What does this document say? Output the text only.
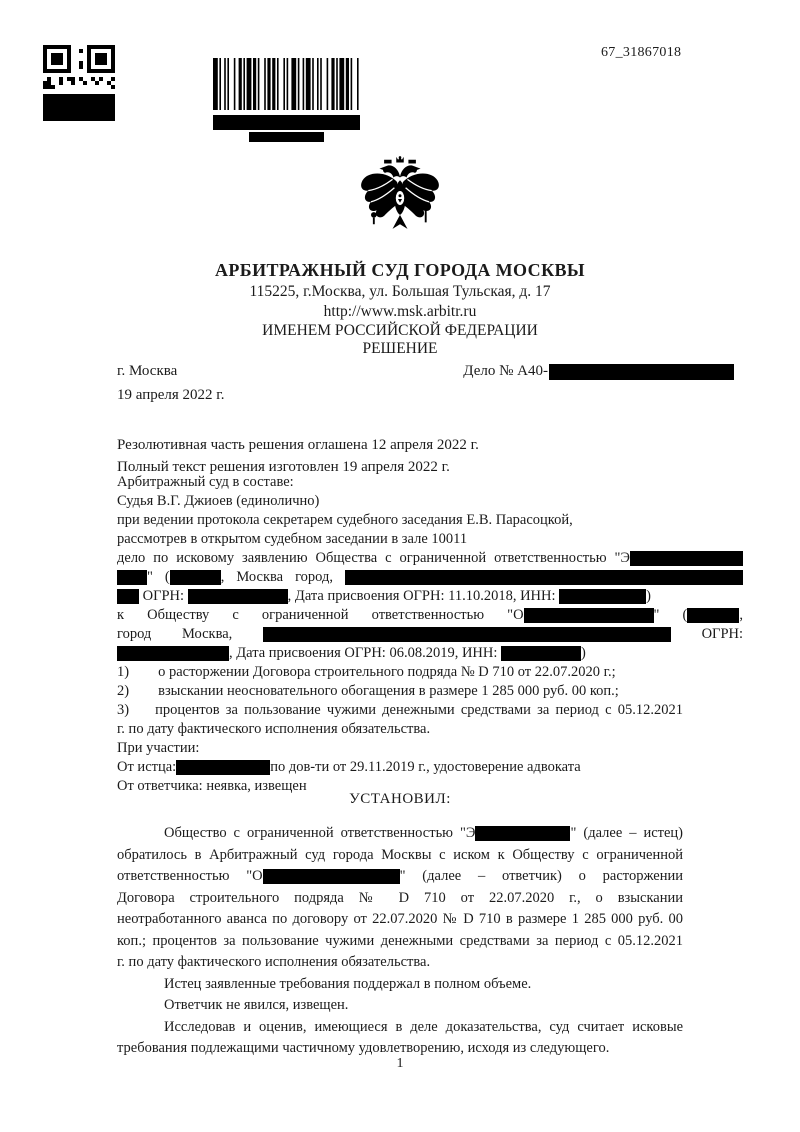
67_31867018
АРБИТРАЖНЫЙ СУД ГОРОДА МОСКВЫ
115225, г.Москва, ул. Большая Тульская, д. 17
http://www.msk.arbitr.ru
ИМЕНЕМ РОССИЙСКОЙ ФЕДЕРАЦИИ
РЕШЕНИЕ
г. Москва	Дело № А40-
19 апреля 2022 г.
Резолютивная часть решения оглашена 12 апреля 2022 г.
Полный текст решения изготовлен 19 апреля 2022 г.
Арбитражный суд в составе:
Судья В.Г. Джиоев (единолично)
при ведении протокола секретарем судебного заседания Е.В. Парасоцкой,
рассмотрев в открытом судебном заседании в зале 10011
дело по исковому заявлению Общества с ограниченной ответственностью "Э
" (	, Москва город,
ОГРН:	, Дата присвоения ОГРН: 11.10.2018, ИНН:	)
к Обществу с ограниченной ответственностью "О	" (	,
город Москва,	ОГРН:
, Дата присвоения ОГРН: 06.08.2019, ИНН:	)
1) о расторжении Договора строительного подряда № D 710 от 22.07.2020 г.;
2) взыскании неосновательного обогащения в размере 1 285 000 руб. 00 коп.;
3) процентов за пользование чужими денежными средствами за период с 05.12.2021
г. по дату фактического исполнения обязательства.
При участии:
От истца:	по дов-ти от 29.11.2019 г., удостоверение адвоката
От ответчика: неявка, извещен
УСТАНОВИЛ:
Общество с ограниченной ответственностью "Э	" (далее – истец)
обратилось в Арбитражный суд города Москвы с иском к Обществу с ограниченной
ответственностью "О	" (далее – ответчик) о расторжении
Договора строительного подряда № D 710 от 22.07.2020 г., о взыскании
неотработанного аванса по договору от 22.07.2020 № D 710 в размере 1 285 000 руб. 00
коп.; процентов за пользование чужими денежными средствами за период с 05.12.2021
г. по дату фактического исполнения обязательства.
Истец заявленные требования поддержал в полном объеме.
Ответчик не явился, извещен.
Исследовав и оценив, имеющиеся в деле доказательства, суд считает исковые
требования подлежащими частичному удовлетворению, исходя из следующего.
1
